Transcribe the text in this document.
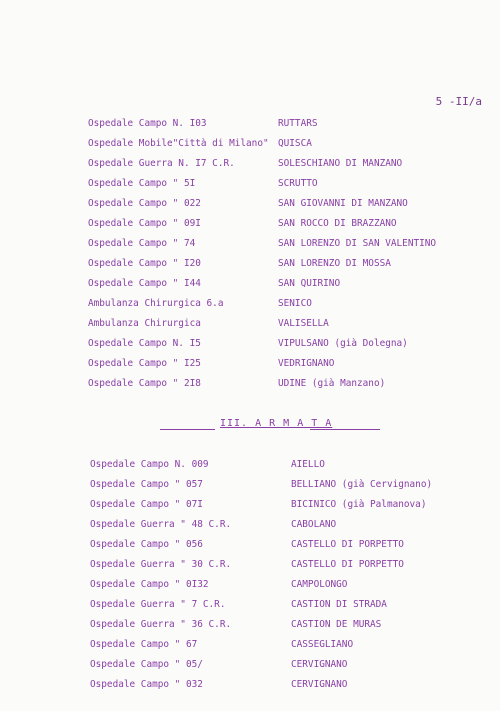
5 -II/a
Ospedale Campo N. I03	RUTTARS
Ospedale Mobile"Città di Milano" QUISCA
Ospedale Guerra N. I7 C.R.	SOLESCHIANO DI MANZANO
Ospedale Campo " 5I	SCRUTTO
Ospedale Campo " 022	SAN GIOVANNI DI MANZANO
Ospedale Campo " 09I	SAN ROCCO DI BRAZZANO
Ospedale Campo " 74	SAN LORENZO DI SAN VALENTINO
Ospedale Campo " I20	SAN LORENZO DI MOSSA
Ospedale Campo " I44	SAN QUIRINO
Ambulanza Chirurgica 6.a	SENICO
Ambulanza Chirurgica	VALISELLA
Ospedale Campo N. I5	VIPULSANO (già Dolegna)
Ospedale Campo " I25	VEDRIGNANO
Ospedale Campo " 2I8	UDINE (già Manzano)
III. A R M A T A
Ospedale Campo N. 009	AIELLO
Ospedale Campo " 057	BELLIANO (già Cervignano)
Ospedale Campo " 07I	BICINICO (già Palmanova)
Ospedale Guerra " 48 C.R.	CABOLANO
Ospedale Campo " 056	CASTELLO DI PORPETTO
Ospedale Guerra " 30 C.R.	CASTELLO DI PORPETTO
Ospedale Campo " 0I32	CAMPOLONGO
Ospedale Guerra " 7 C.R.	CASTION DI STRADA
Ospedale Guerra " 36 C.R.	CASTION DE MURAS
Ospedale Campo " 67	CASSEGLIANO
Ospedale Campo " 05/	CERVIGNANO
Ospedale Campo " 032	CERVIGNANO
